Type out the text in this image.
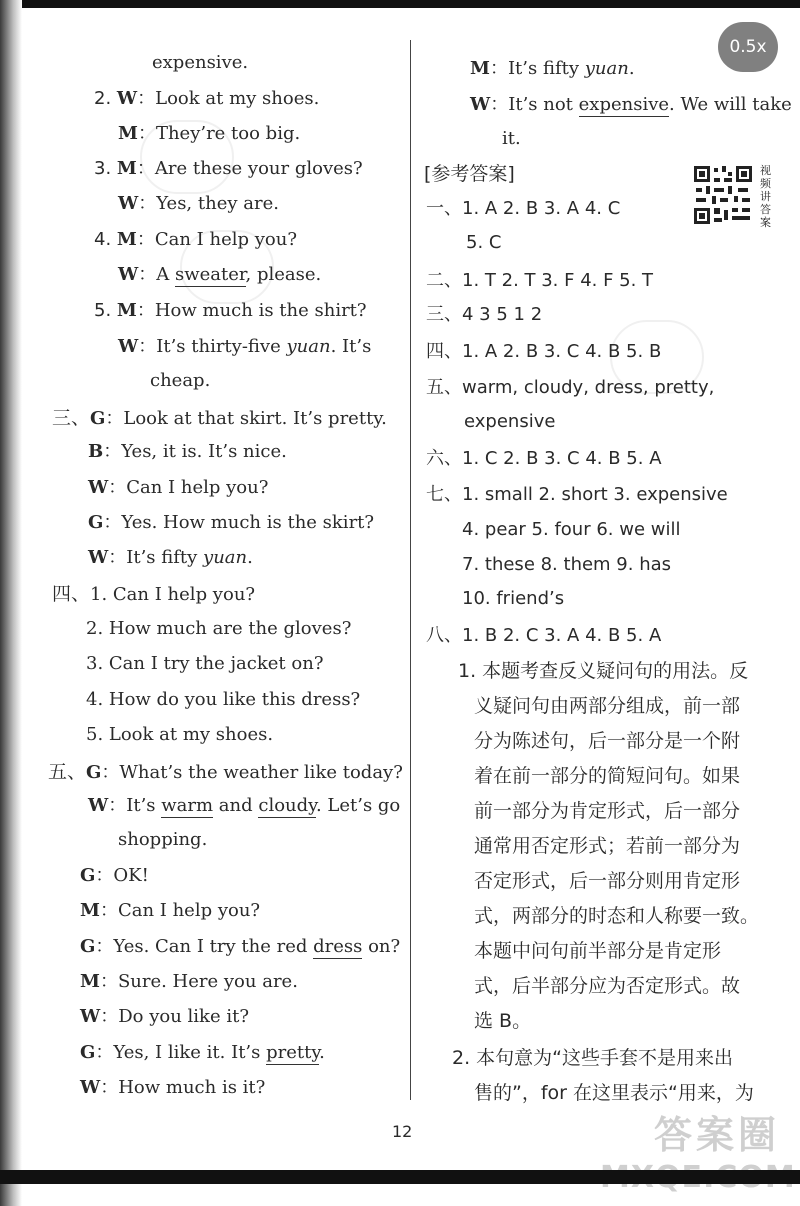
0.5x
expensive.
2. W：Look at my shoes.
M：They’re too big.
3. M：Are these your gloves?
W：Yes, they are.
4. M：Can I help you?
W：A sweater, please.
5. M：How much is the shirt?
W：It’s thirty-five yuan. It’s
cheap.
三、G：Look at that skirt. It’s pretty.
B：Yes, it is. It’s nice.
W：Can I help you?
G：Yes. How much is the skirt?
W：It’s fifty yuan.
四、1. Can I help you?
2. How much are the gloves?
3. Can I try the jacket on?
4. How do you like this dress?
5. Look at my shoes.
五、G：What’s the weather like today?
W：It’s warm and cloudy. Let’s go
shopping.
G：OK!
M：Can I help you?
G：Yes. Can I try the red dress on?
M：Sure. Here you are.
W：Do you like it?
G：Yes, I like it. It’s pretty.
W：How much is it?
M：It’s fifty yuan.
W：It’s not expensive. We will take
it.
[参考答案]	视频讲答案
一、1. A 2. B 3. A 4. C
5. C
二、1. T 2. T 3. F 4. F 5. T
三、4 3 5 1 2
四、1. A 2. B 3. C 4. B 5. B
五、warm, cloudy, dress, pretty,
expensive
六、1. C 2. B 3. C 4. B 5. A
七、1. small 2. short 3. expensive
4. pear 5. four 6. we will
7. these 8. them 9. has
10. friend’s
八、1. B 2. C 3. A 4. B 5. A
1. 本题考查反义疑问句的用法。反
义疑问句由两部分组成，前一部
分为陈述句，后一部分是一个附
着在前一部分的简短问句。如果
前一部分为肯定形式，后一部分
通常用否定形式；若前一部分为
否定形式，后一部分则用肯定形
式，两部分的时态和人称要一致。
本题中问句前半部分是肯定形
式，后半部分应为否定形式。故
选 B。
2. 本句意为“这些手套不是用来出
售的”，for 在这里表示“用来，为
12	答案圈
